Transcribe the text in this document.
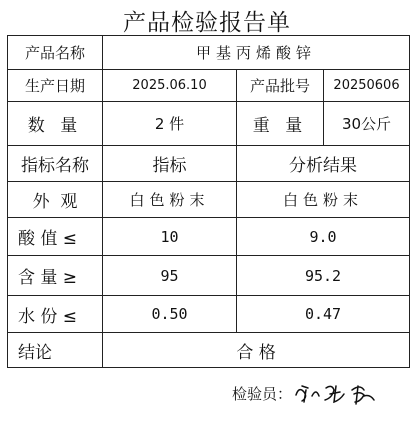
产品检验报告单
产品名称	甲基丙烯酸锌		
生产日期	2025.06.10	产品批号	20250606
数 量	2 件	重 量	30公斤
指标名称	指标	分析结果	
外  观	白色粉末	白色粉末	
酸 值 ≤	10	9.0	
含 量 ≥	95	95.2	
水 份 ≤	0.50	0.47	
结论	合 格		
检验员：
